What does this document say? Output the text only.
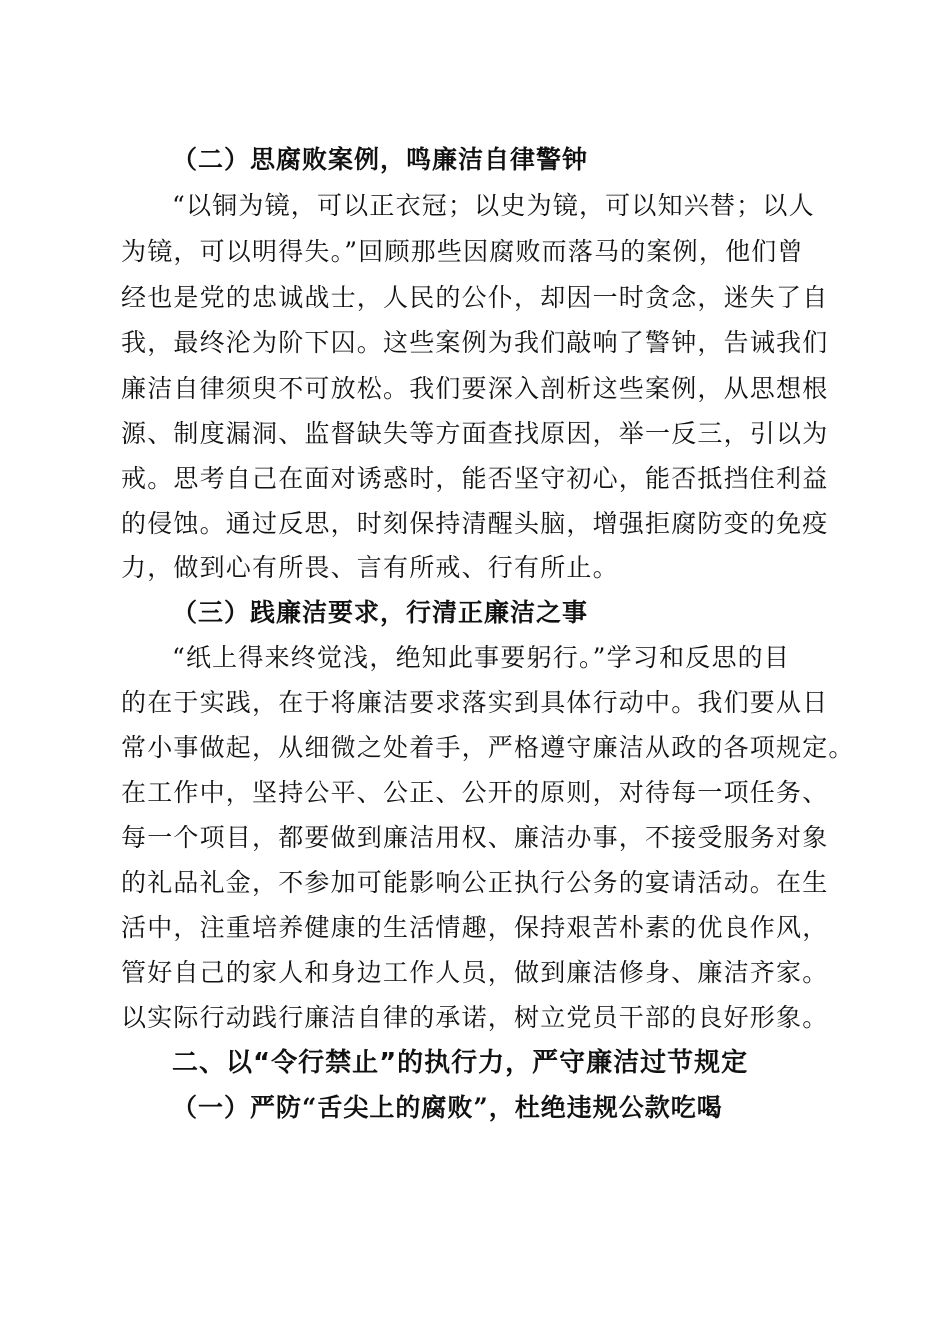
（二）思腐败案例，鸣廉洁自律警钟
“以铜为镜，可以正衣冠；以史为镜，可以知兴替；以人
为镜，可以明得失。”回顾那些因腐败而落马的案例，他们曾
经也是党的忠诚战士，人民的公仆，却因一时贪念，迷失了自
我，最终沦为阶下囚。这些案例为我们敲响了警钟，告诫我们
廉洁自律须臾不可放松。我们要深入剖析这些案例，从思想根
源、制度漏洞、监督缺失等方面查找原因，举一反三，引以为
戒。思考自己在面对诱惑时，能否坚守初心，能否抵挡住利益
的侵蚀。通过反思，时刻保持清醒头脑，增强拒腐防变的免疫
力，做到心有所畏、言有所戒、行有所止。
（三）践廉洁要求，行清正廉洁之事
“纸上得来终觉浅，绝知此事要躬行。”学习和反思的目
的在于实践，在于将廉洁要求落实到具体行动中。我们要从日
常小事做起，从细微之处着手，严格遵守廉洁从政的各项规定。
在工作中，坚持公平、公正、公开的原则，对待每一项任务、
每一个项目，都要做到廉洁用权、廉洁办事，不接受服务对象
的礼品礼金，不参加可能影响公正执行公务的宴请活动。在生
活中，注重培养健康的生活情趣，保持艰苦朴素的优良作风，
管好自己的家人和身边工作人员，做到廉洁修身、廉洁齐家。
以实际行动践行廉洁自律的承诺，树立党员干部的良好形象。
二、以“令行禁止”的执行力，严守廉洁过节规定
（一）严防“舌尖上的腐败”，杜绝违规公款吃喝
